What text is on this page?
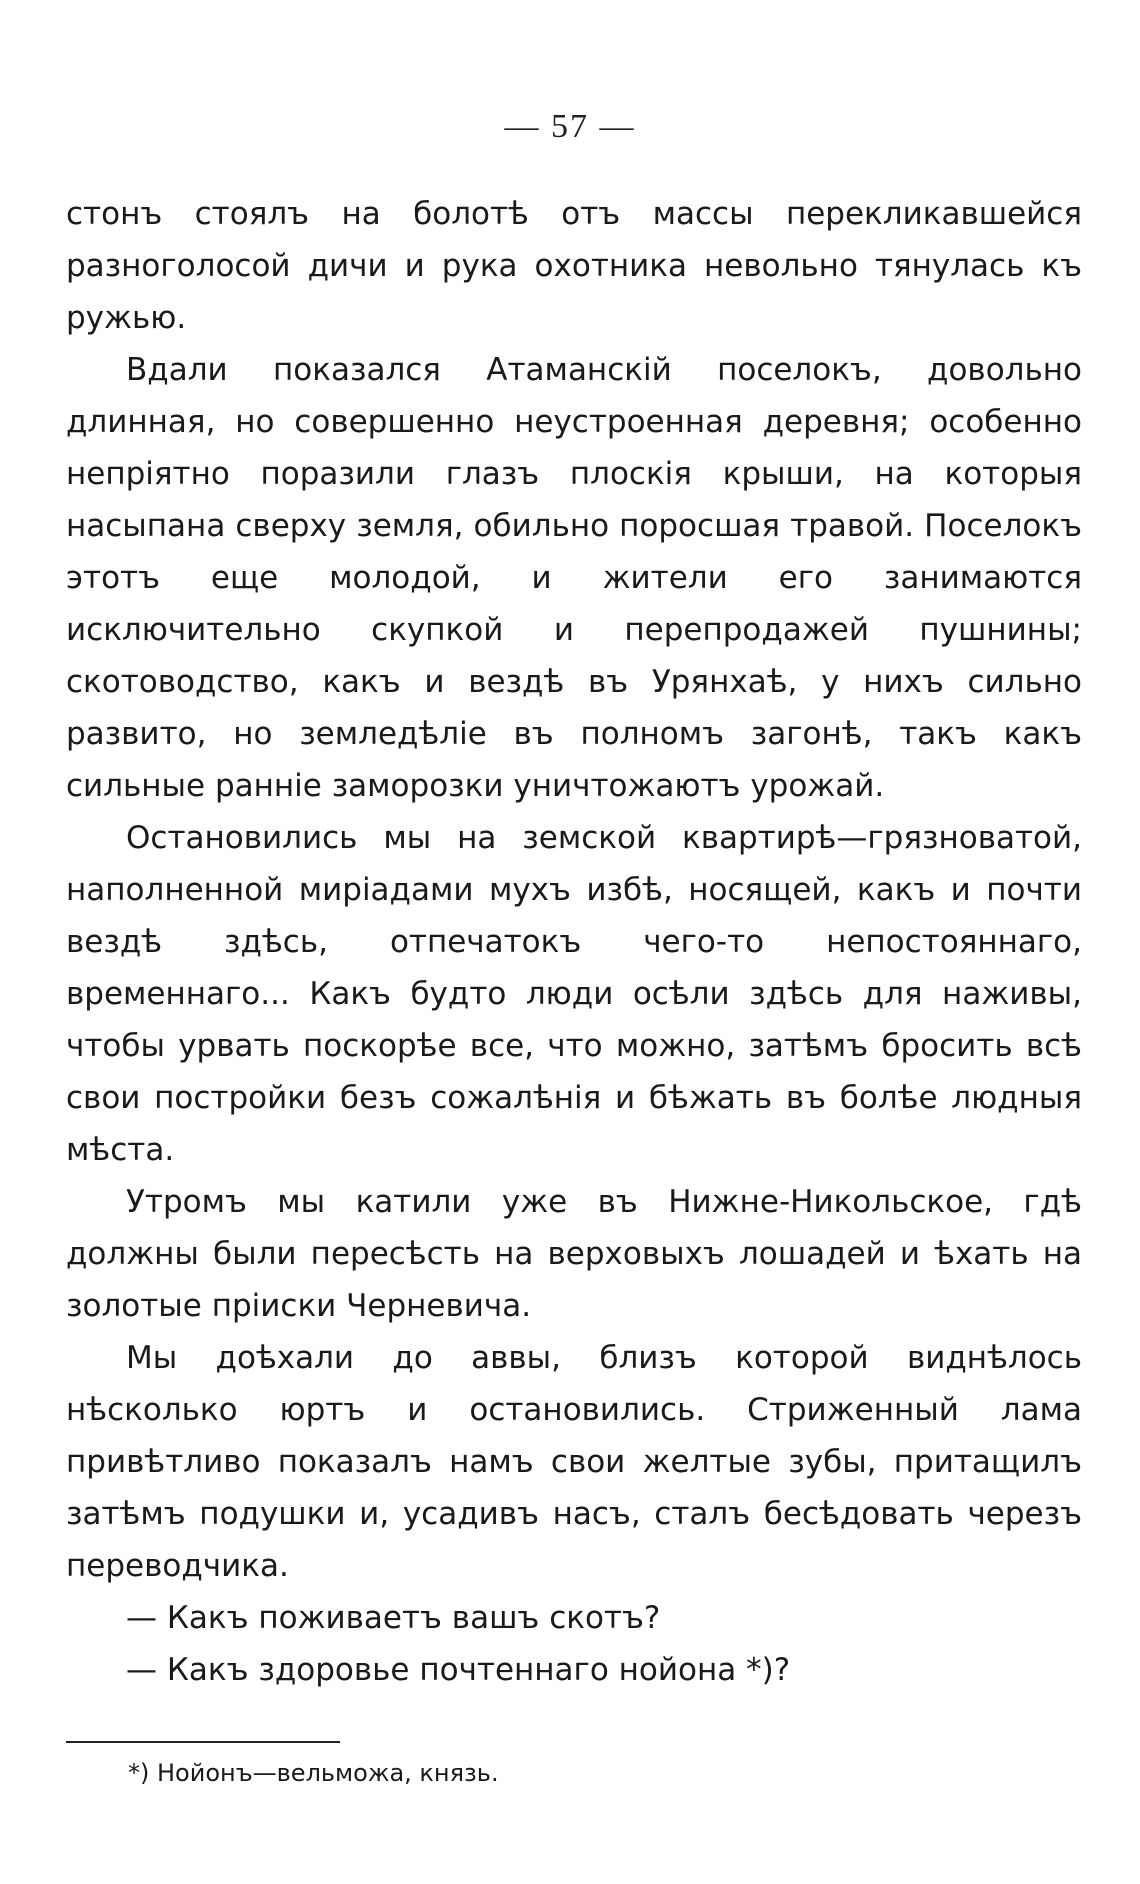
— 57 —

стонъ стоялъ на болотѣ отъ массы перекликавшейся разноголосой дичи и рука охотника невольно тянулась къ ружью.

Вдали показался Атаманскій поселокъ, довольно длинная, но совершенно неустроенная деревня; особенно непріятно поразили глазъ плоскія крыши, на которыя насыпана сверху земля, обильно поросшая травой. Поселокъ этотъ еще молодой, и жители его занимаются исключительно скупкой и перепродажей пушнины; скотоводство, какъ и вездѣ въ Урянхаѣ, у нихъ сильно развито, но земледѣліе въ полномъ загонѣ, такъ какъ сильные ранніе заморозки уничтожаютъ урожай.

Остановились мы на земской квартирѣ—грязноватой, наполненной миріадами мухъ избѣ, носящей, какъ и почти вездѣ здѣсь, отпечатокъ чего-то непостояннаго, временнаго... Какъ будто люди осѣли здѣсь для наживы, чтобы урвать поскорѣе все, что можно, затѣмъ бросить всѣ свои постройки безъ сожалѣнія и бѣжать въ болѣе людныя мѣста.

Утромъ мы катили уже въ Нижне-Никольское, гдѣ должны были пересѣсть на верховыхъ лошадей и ѣхать на золотые пріиски Черневича.

Мы доѣхали до аввы, близъ которой виднѣлось нѣсколько юртъ и остановились. Стриженный лама привѣтливо показалъ намъ свои желтые зубы, притащилъ затѣмъ подушки и, усадивъ насъ, сталъ бесѣдовать черезъ переводчика.

— Какъ поживаетъ вашъ скотъ?

— Какъ здоровье почтеннаго нойона *)?

*) Нойонъ—вельможа, князь.
